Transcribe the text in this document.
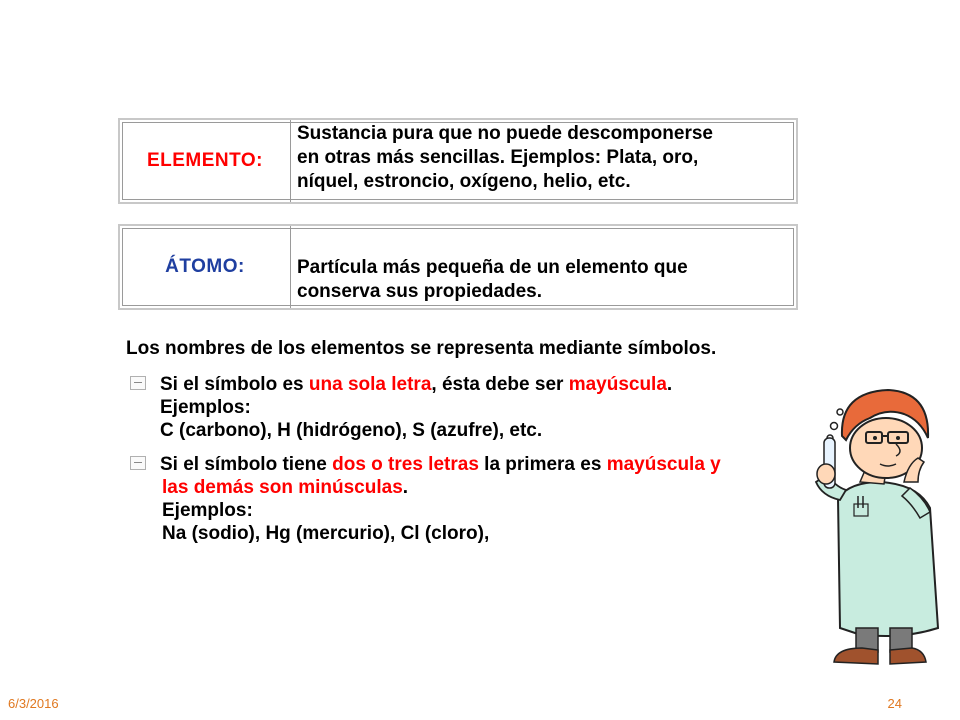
ELEMENTO:
Sustancia pura que no puede descomponerse
en otras más sencillas. Ejemplos: Plata, oro,
níquel, estroncio, oxígeno, helio, etc.
ÁTOMO:	Partícula más pequeña de un elemento que
conserva sus propiedades.
Los nombres de los elementos se representa mediante símbolos.
Si el símbolo es una sola letra, ésta debe ser mayúscula.
Ejemplos:
C (carbono), H (hidrógeno), S (azufre), etc.
Si el símbolo tiene dos o tres letras la primera es mayúscula y
las demás son minúsculas.
Ejemplos:
Na (sodio), Hg (mercurio), Cl (cloro),
6/3/2016	24
